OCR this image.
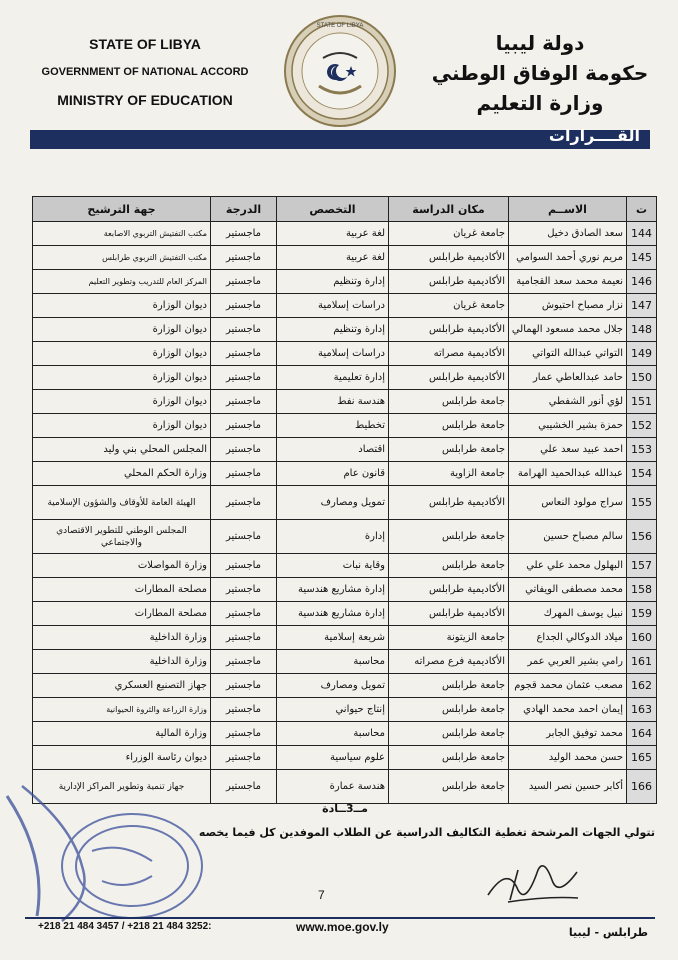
STATE OF LIBYA
GOVERNMENT OF NATIONAL ACCORD
MINISTRY OF EDUCATION
STATE OF LIBYA
دولة ليبيا
حكومة الوفاق الوطني
وزارة التعليم
القــــرارات
ت	الاســم	مكان الدراسة	التخصص	الدرجة	جهة الترشيح
144	سعد الصادق دخيل	جامعة غريان	لغة عربية	ماجستير	مكتب التفتيش التربوي الاصابعة
145	مريم نوري أحمد السوامي	الأكاديمية طرابلس	لغة عربية	ماجستير	مكتب التفتيش التربوي طرابلس
146	نعيمة محمد سعد القجامية	الأكاديمية طرابلس	إدارة وتنظيم	ماجستير	المركز العام للتدريب وتطوير التعليم
147	نزار مصباح احتيوش	جامعة غريان	دراسات إسلامية	ماجستير	ديوان الوزارة
148	جلال محمد مسعود الهمالي	الأكاديمية طرابلس	إدارة وتنظيم	ماجستير	ديوان الوزارة
149	التواتي عبدالله التواتي	الأكاديمية مصراته	دراسات إسلامية	ماجستير	ديوان الوزارة
150	حامد عبدالعاطي عمار	الأكاديمية طرابلس	إدارة تعليمية	ماجستير	ديوان الوزارة
151	لؤي أنور الشفطي	جامعة طرابلس	هندسة نفط	ماجستير	ديوان الوزارة
152	حمزة بشير الخشيبي	جامعة طرابلس	تخطيط	ماجستير	ديوان الوزارة
153	احمد عبيد سعد علي	جامعة طرابلس	اقتصاد	ماجستير	المجلس المحلي بني وليد
154	عبدالله عبدالحميد الهرامة	جامعة الزاوية	قانون عام	ماجستير	وزارة الحكم المحلي
155	سراج مولود النعاس	الأكاديمية طرابلس	تمويل ومصارف	ماجستير	الهيئة العامة للأوقاف والشؤون الإسلامية
156	سالم مصباح حسين	جامعة طرابلس	إدارة	ماجستير	المجلس الوطني للتطوير الاقتصادي والاجتماعي
157	البهلول محمد علي علي	جامعة طرابلس	وقاية نبات	ماجستير	وزارة المواصلات
158	محمد مصطفى الويفاتي	الأكاديمية طرابلس	إدارة مشاريع هندسية	ماجستير	مصلحة المطارات
159	نبيل يوسف المهرك	الأكاديمية طرابلس	إدارة مشاريع هندسية	ماجستير	مصلحة المطارات
160	ميلاد الدوكالي الجداع	جامعة الزيتونة	شريعة إسلامية	ماجستير	وزارة الداخلية
161	رامي بشير العربي عمر	الأكاديمية فرع مصراته	محاسبة	ماجستير	وزارة الداخلية
162	مصعب عثمان محمد قجوم	جامعة طرابلس	تمويل ومصارف	ماجستير	جهاز التصنيع العسكري
163	إيمان احمد محمد الهادي	جامعة طرابلس	إنتاج حيواني	ماجستير	وزارة الزراعة والثروة الحيوانية
164	محمد توفيق الجابر	جامعة طرابلس	محاسبة	ماجستير	وزارة المالية
165	حسن محمد الوليد	جامعة طرابلس	علوم سياسية	ماجستير	ديوان رئاسة الوزراء
166	أكابر حسين نصر السيد	جامعة طرابلس	هندسة عمارة	ماجستير	جهاز تنمية وتطوير المراكز الإدارية
مــ3ــادة
تتولي الجهات المرشحة تغطية التكاليف الدراسية عن الطلاب الموفدين كل فيما يخصه
7
+218 21 484 3457 / +218 21 484 3252:	www.moe.gov.ly	طرابلس - ليبيا
